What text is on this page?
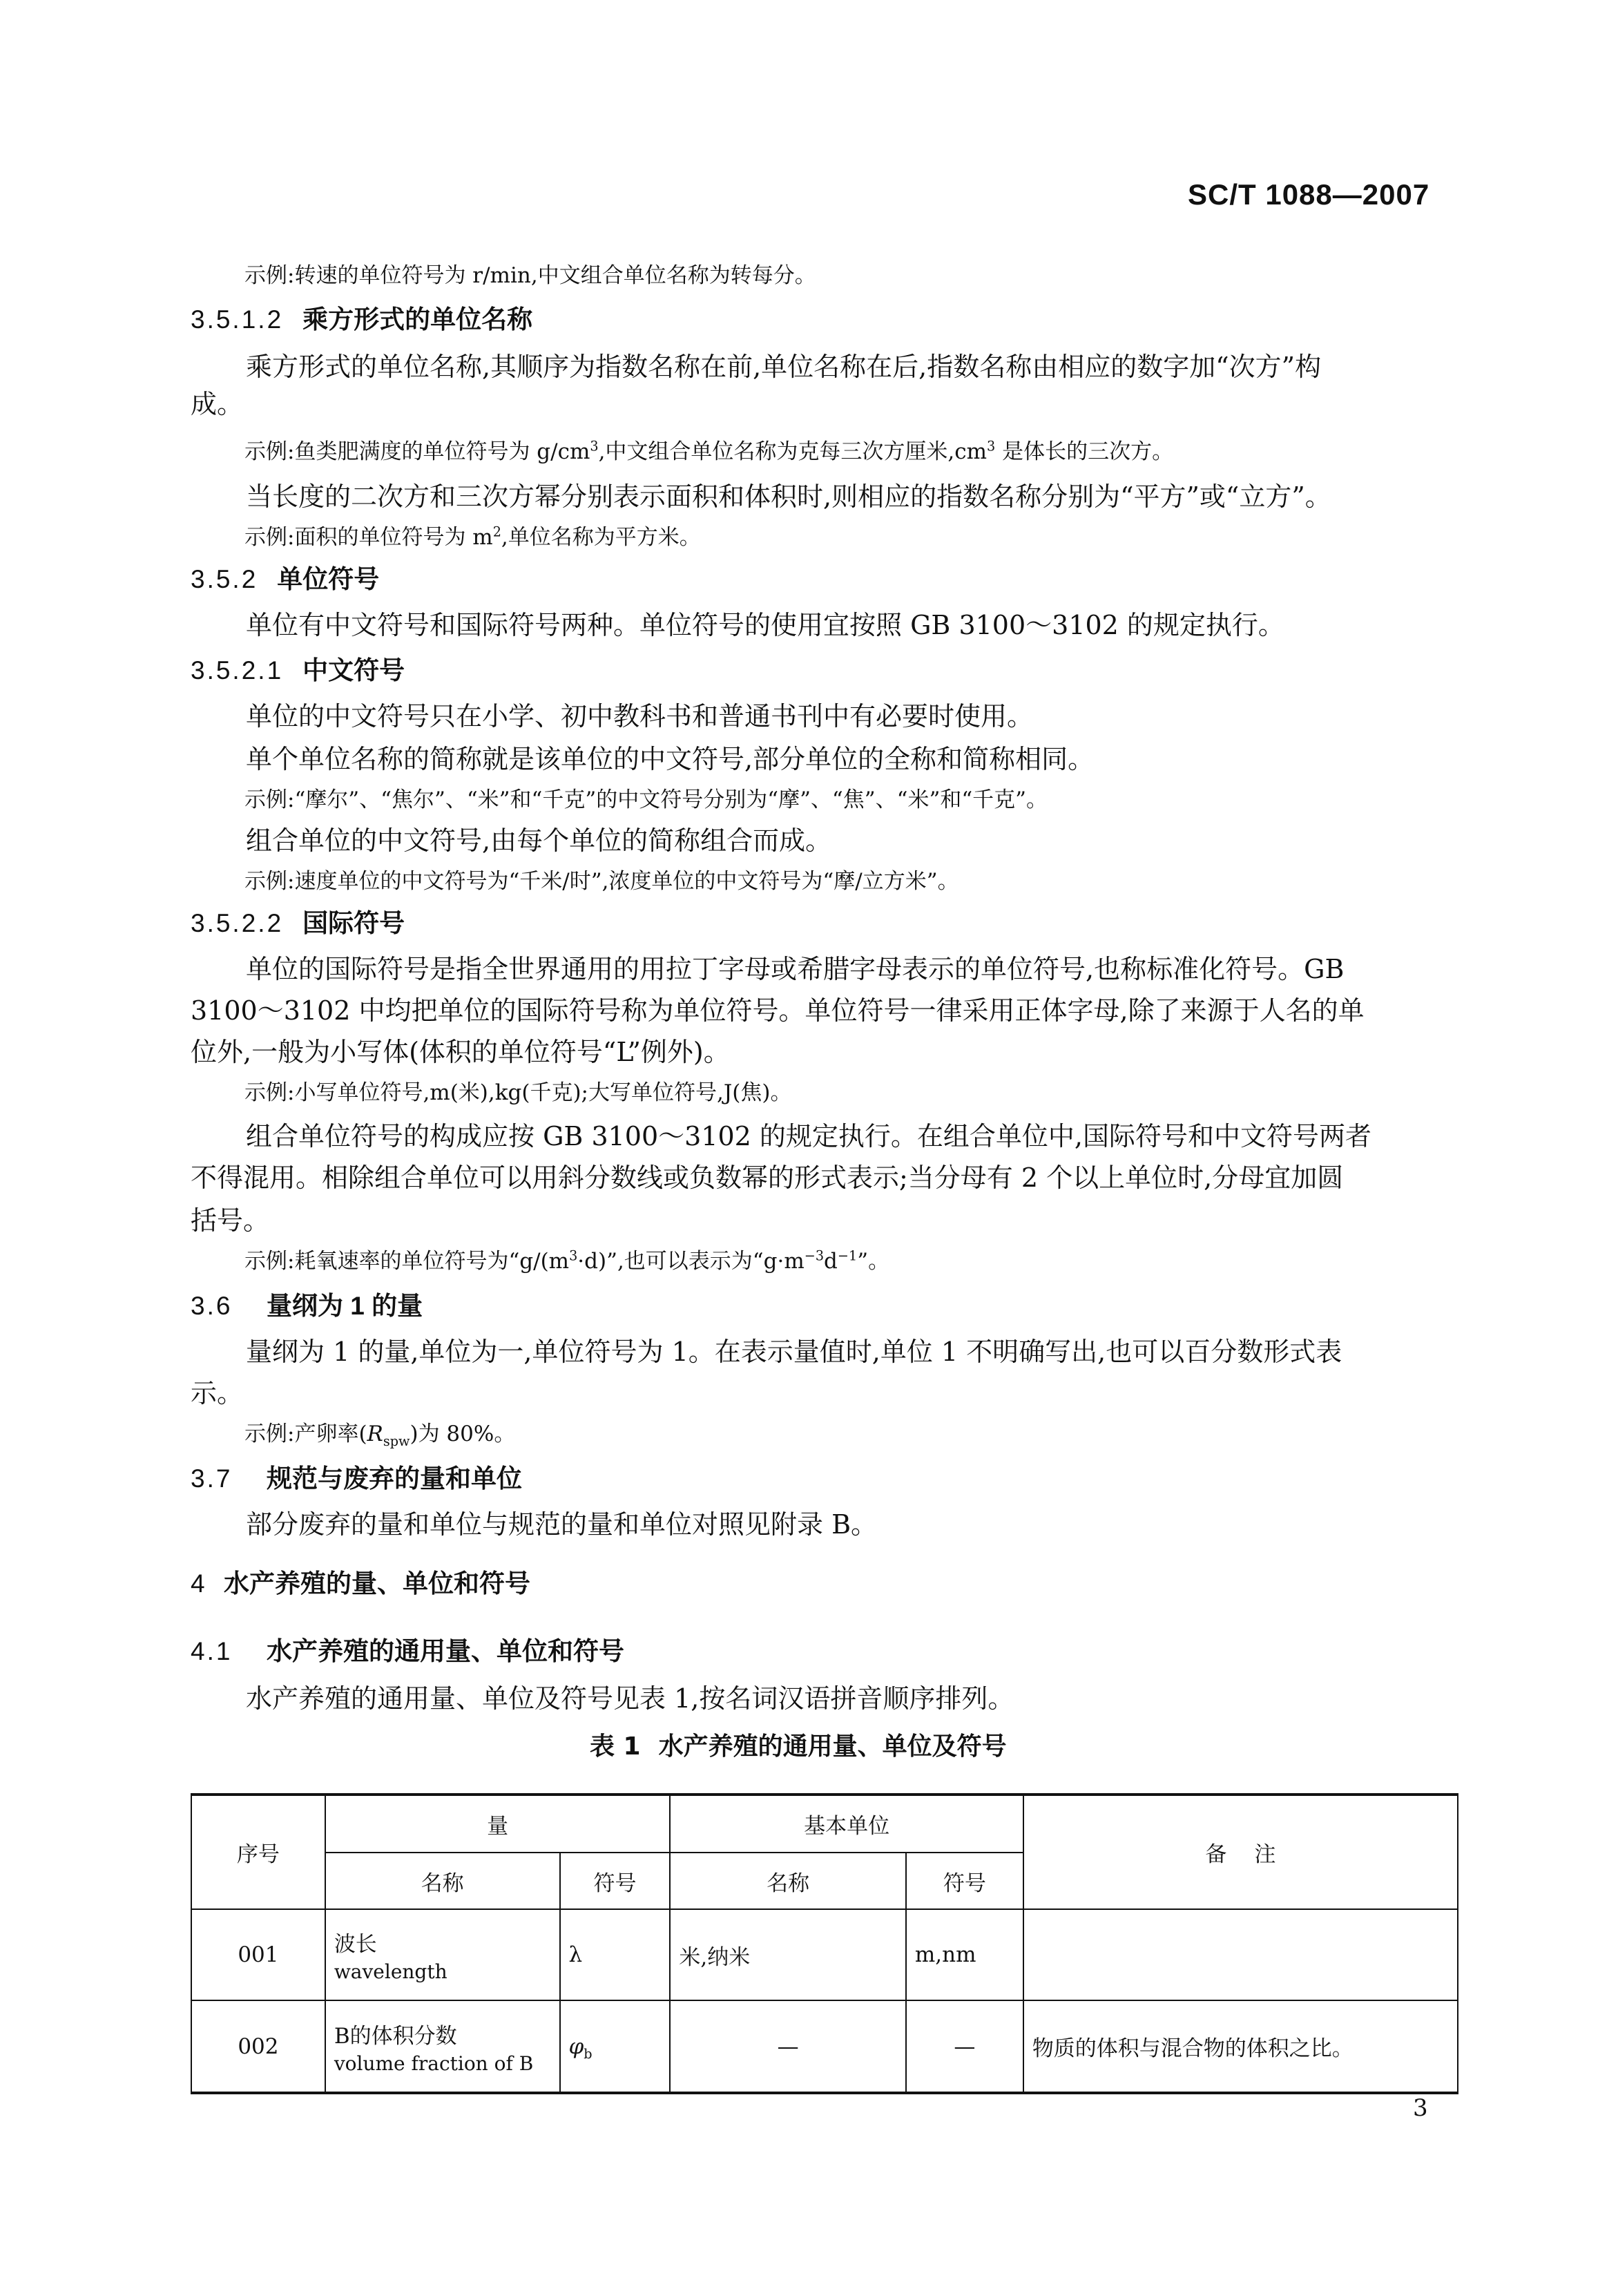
SC/T 1088—2007
示例:转速的单位符号为 r/min,中文组合单位名称为转每分。
3.5.1.2 乘方形式的单位名称
乘方形式的单位名称,其顺序为指数名称在前,单位名称在后,指数名称由相应的数字加“次方”构
成。
示例:鱼类肥满度的单位符号为 $g/cm^3$,中文组合单位名称为克每三次方厘米$,cm^3$ 是体长的三次方。
当长度的二次方和三次方幂分别表示面积和体积时,则相应的指数名称分别为“平方”或“立方”。
示例:面积的单位符号为 $m^2$,单位名称为平方米。
3.5.2 单位符号
单位有中文符号和国际符号两种。单位符号的使用宜按照 GB 3100～3102 的规定执行。
3.5.2.1 中文符号
单位的中文符号只在小学、初中教科书和普通书刊中有必要时使用。
单个单位名称的简称就是该单位的中文符号,部分单位的全称和简称相同。
示例:“摩尔”、“焦尔”、“米”和“千克”的中文符号分别为“摩”、“焦”、“米”和“千克”。
组合单位的中文符号,由每个单位的简称组合而成。
示例:速度单位的中文符号为“千米/时”,浓度单位的中文符号为“摩/立方米”。
3.5.2.2 国际符号
单位的国际符号是指全世界通用的用拉丁字母或希腊字母表示的单位符号,也称标准化符号。GB
3100～3102 中均把单位的国际符号称为单位符号。单位符号一律采用正体字母,除了来源于人名的单
位外,一般为小写体(体积的单位符号“L”例外)。
示例:小写单位符号,m(米),kg(千克);大写单位符号,J(焦)。
组合单位符号的构成应按 GB 3100～3102 的规定执行。在组合单位中,国际符号和中文符号两者
不得混用。相除组合单位可以用斜分数线或负数幂的形式表示;当分母有 2 个以上单位时,分母宜加圆
括号。
示例:耗氧速率的单位符号为“$g/(m^3\cdot d)$”,也可以表示为“$g\cdot m^{-3}d^{-1}$”。
3.6 量纲为 1 的量
量纲为 1 的量,单位为一,单位符号为 1。在表示量值时,单位 1 不明确写出,也可以百分数形式表
示。
示例:产卵率$(R_{spw})$为 80%。
3.7 规范与废弃的量和单位
部分废弃的量和单位与规范的量和单位对照见附录 B。
4 水产养殖的量、单位和符号
4.1 水产养殖的通用量、单位和符号
水产养殖的通用量、单位及符号见表 1,按名词汉语拼音顺序排列。
表 1 水产养殖的通用量、单位及符号
序号	量		基本单位		备注
	名称	符号	名称	符号	
001	波长
wavelength	λ	米,纳米	m,nm	
002	B的体积分数
volume fraction of B	$\varphi_b$	—	—	物质的体积与混合物的体积之比。
3
